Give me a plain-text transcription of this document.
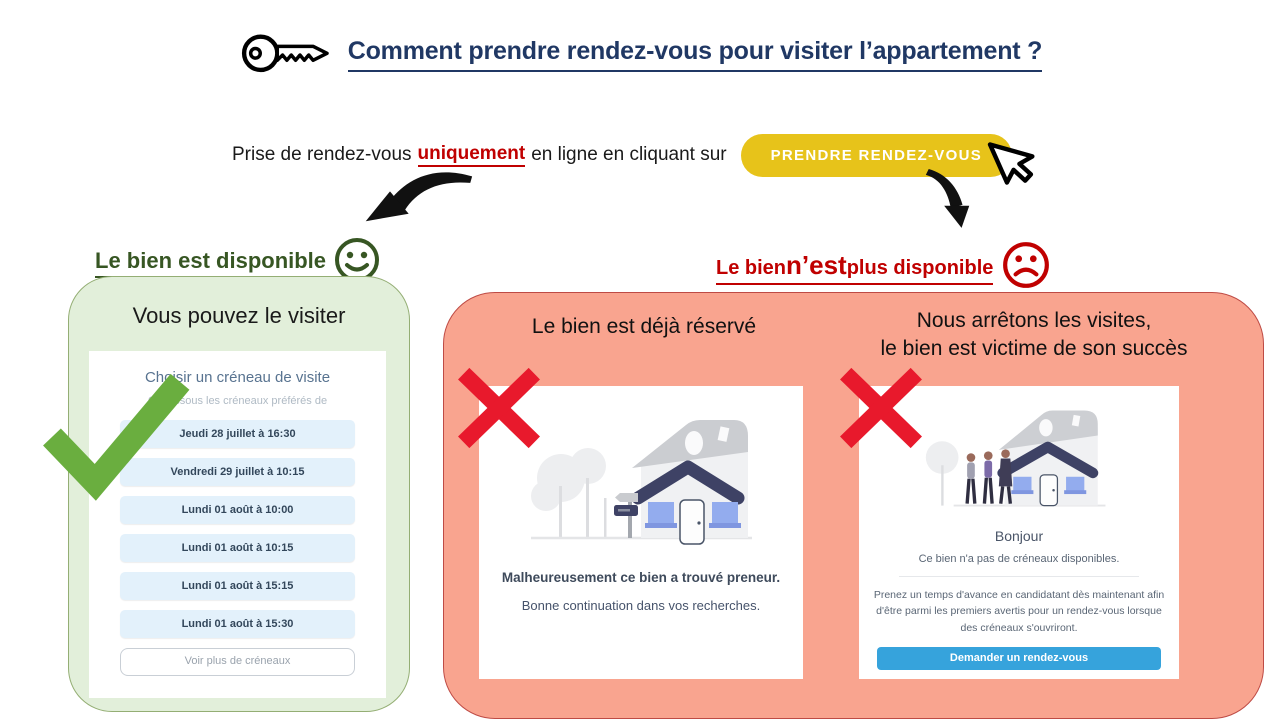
Comment prendre rendez-vous pour visiter l’appartement ?
Prise de rendez-vous uniquement en ligne en cliquant sur	PRENDRE RENDEZ-VOUS
Le bien est disponible
Vous pouvez le visiter
Choisir un créneau de visite
Ci-dessous les créneaux préférés de
Jeudi 28 juillet à 16:30
Vendredi 29 juillet à 10:15
Lundi 01 août à 10:00
Lundi 01 août à 10:15
Lundi 01 août à 15:15
Lundi 01 août à 15:30
Voir plus de créneaux
Le bien n’est plus disponible
Le bien est déjà réservé	Nous arrêtons les visites,
le bien est victime de son succès
Malheureusement ce bien a trouvé preneur.
Bonne continuation dans vos recherches.
Bonjour
Ce bien n'a pas de créneaux disponibles.
Prenez un temps d'avance en candidatant dès maintenant afin d'être parmi les premiers avertis pour un rendez-vous lorsque des créneaux s'ouvriront.
Demander un rendez-vous
